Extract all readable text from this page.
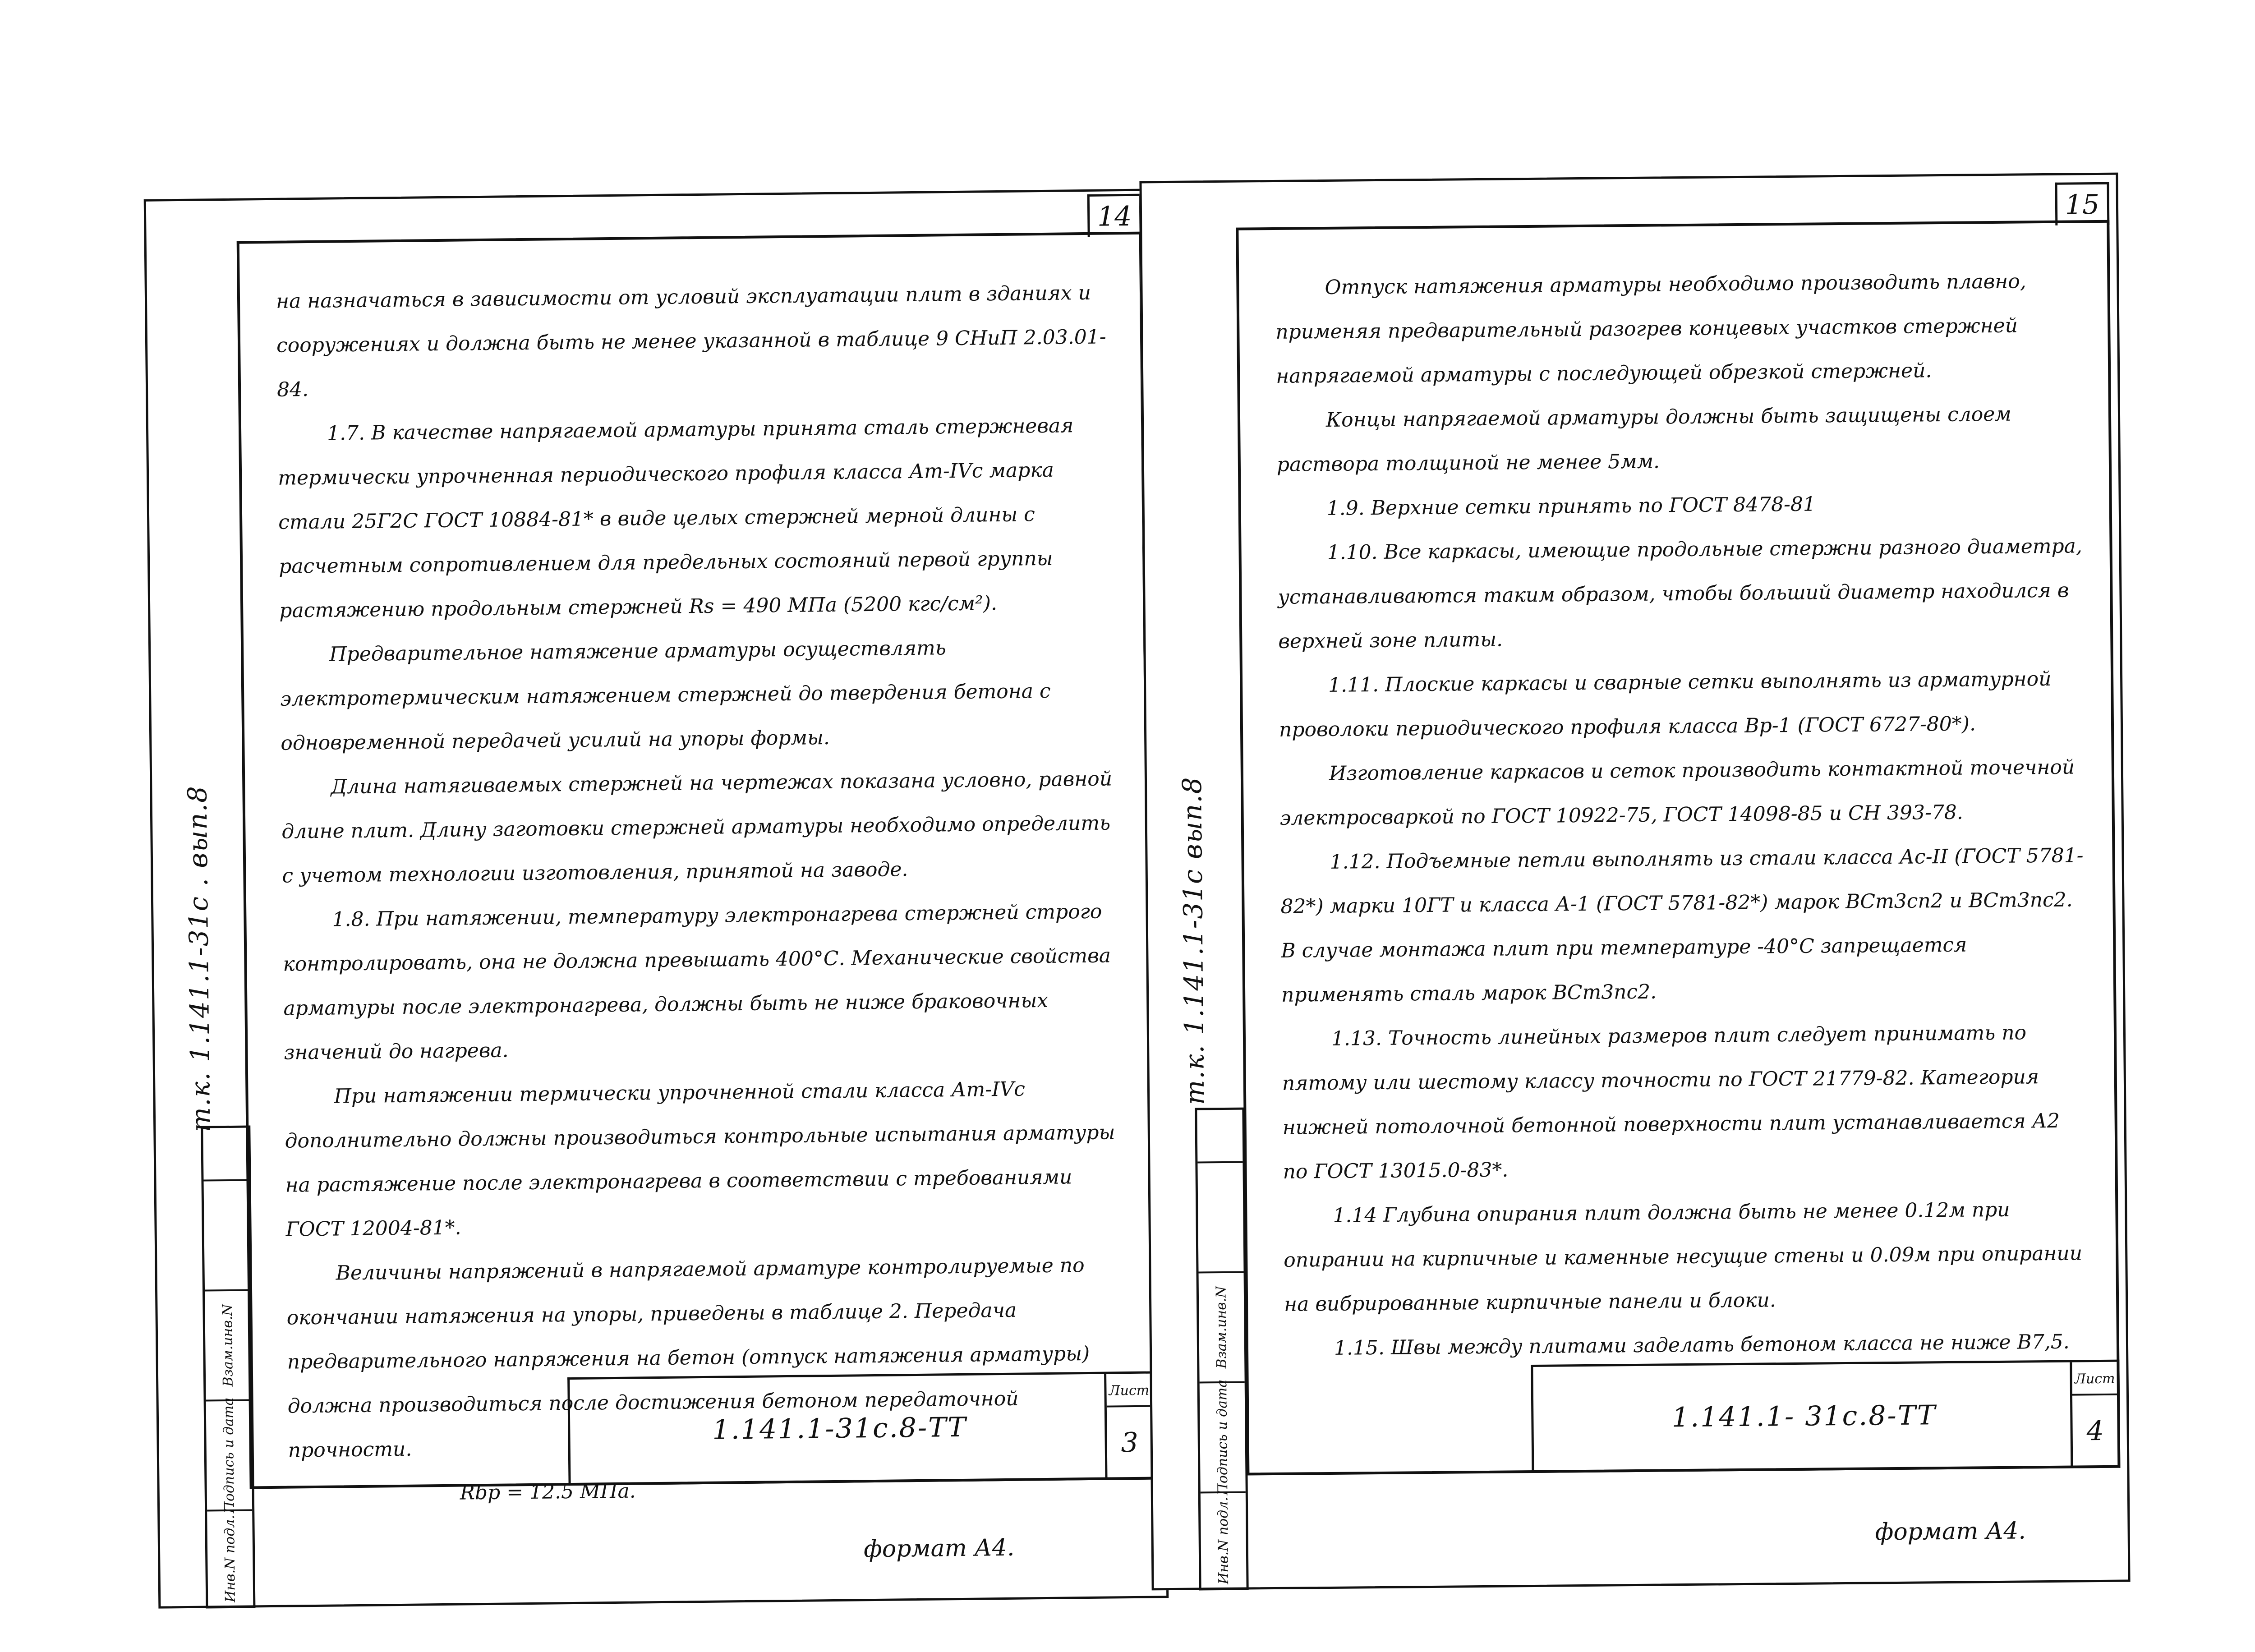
т.к. 1.141.1-31с . вып.8
14

на назначаться в зависимости от условий эксплуатации плит в зданиях и сооружениях и должна быть не менее указанной в таблице 9 СНиП 2.03.01-84.

1.7. В качестве напрягаемой арматуры принята сталь стержневая термически упрочненная периодического профиля класса Ат-IVс марка стали 25Г2С ГОСТ 10884-81* в виде целых стержней мерной длины с расчетным сопротивлением для предельных состояний первой группы растяжению продольным стержней Rs = 490 МПа (5200 кгс/см²).

Предварительное натяжение арматуры осуществлять электротермическим натяжением стержней до твердения бетона с одновременной передачей усилий на упоры формы.

Длина натягиваемых стержней на чертежах показана условно, равной длине плит. Длину заготовки стержней арматуры необходимо определить с учетом технологии изготовления, принятой на заводе.

1.8. При натяжении, температуру электронагрева стержней строго контролировать, она не должна превышать 400°С. Механические свойства арматуры после электронагрева, должны быть не ниже браковочных значений до нагрева.

При натяжении термически упрочненной стали класса Ат-IVс дополнительно должны производиться контрольные испытания арматуры на растяжение после электронагрева в соответствии с требованиями ГОСТ 12004-81*.

Величины напряжений в напрягаемой арматуре контролируемые по окончании натяжения на упоры, приведены в таблице 2. Передача предварительного напряжения на бетон (отпуск натяжения арматуры) должна производиться после достижения бетоном передаточной прочности.

Rbp = 12.5 МПа.

1.141.1-31с.8-ТТ
Лист
3
Инв.N подл.
Подпись и дата
Взам.инв.N
формат А4.
т.к. 1.141.1-31с вып.8
15

Отпуск натяжения арматуры необходимо производить плавно, применяя предварительный разогрев концевых участков стержней напрягаемой арматуры с последующей обрезкой стержней.

Концы напрягаемой арматуры должны быть защищены слоем раствора толщиной не менее 5мм.

1.9. Верхние сетки принять по ГОСТ 8478-81

1.10. Все каркасы, имеющие продольные стержни разного диаметра, устанавливаются таким образом, чтобы больший диаметр находился в верхней зоне плиты.

1.11. Плоские каркасы и сварные сетки выполнять из арматурной проволоки периодического профиля класса Вр-1 (ГОСТ 6727-80*).

Изготовление каркасов и сеток производить контактной точечной электросваркой по ГОСТ 10922-75, ГОСТ 14098-85 и СН 393-78.

1.12. Подъемные петли выполнять из стали класса Ас-II (ГОСТ 5781-82*) марки 10ГТ и класса А-1 (ГОСТ 5781-82*) марок ВСт3сп2 и ВСт3пс2. В случае монтажа плит при температуре -40°С запрещается применять сталь марок ВСт3пс2.

1.13. Точность линейных размеров плит следует принимать по пятому или шестому классу точности по ГОСТ 21779-82. Категория нижней потолочной бетонной поверхности плит устанавливается А2 по ГОСТ 13015.0-83*.

1.14 Глубина опирания плит должна быть не менее 0.12м при опирании на кирпичные и каменные несущие стены и 0.09м при опирании на вибрированные кирпичные панели и блоки.

1.15. Швы между плитами заделать бетоном класса не ниже В7,5.

1.141.1- 31с.8-ТТ
Лист
4
Инв.N подл.
Подпись и дата
Взам.инв.N
формат А4.
